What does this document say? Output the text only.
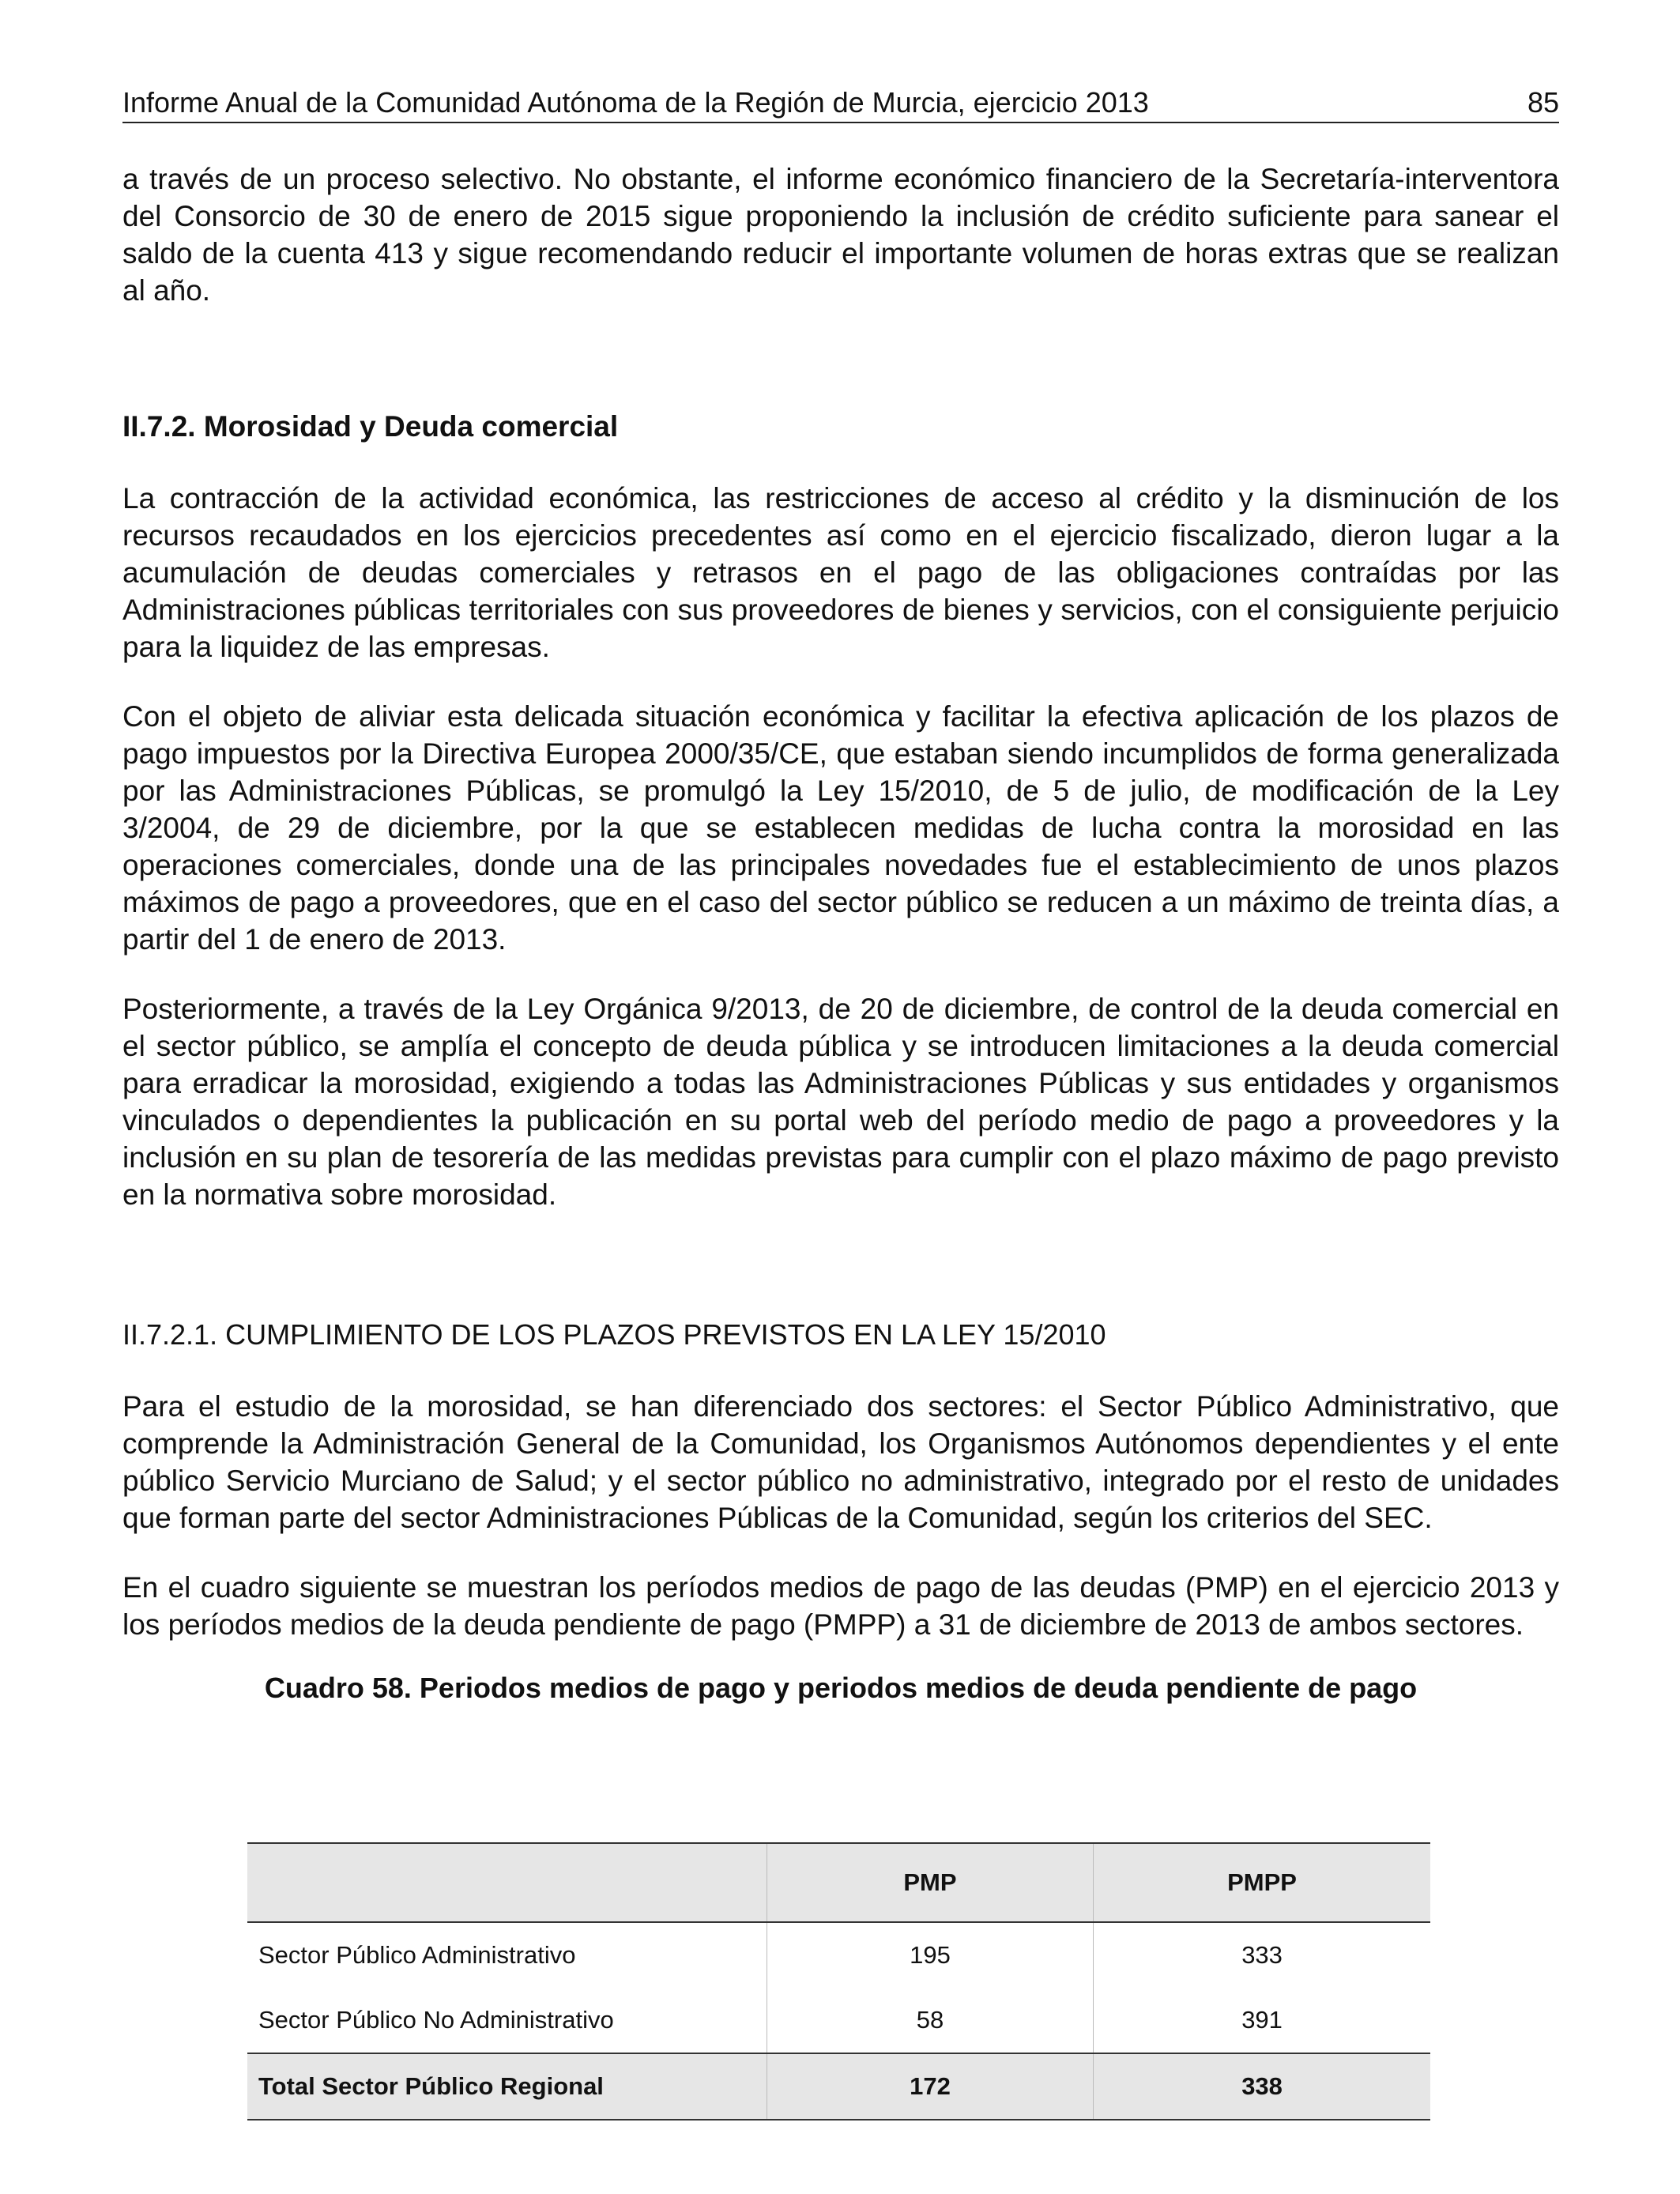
Informe Anual de la Comunidad Autónoma de la Región de Murcia, ejercicio 2013	85

a través de un proceso selectivo. No obstante, el informe económico financiero de la Secretaría-interventora del Consorcio de 30 de enero de 2015 sigue proponiendo la inclusión de crédito suficiente para sanear el saldo de la cuenta 413 y sigue recomendando reducir el importante volumen de horas extras que se realizan al año.

II.7.2. Morosidad y Deuda comercial

La contracción de la actividad económica, las restricciones de acceso al crédito y la disminución de los recursos recaudados en los ejercicios precedentes así como en el ejercicio fiscalizado, dieron lugar a la acumulación de deudas comerciales y retrasos en el pago de las obligaciones contraídas por las Administraciones públicas territoriales con sus proveedores de bienes y servicios, con el consiguiente perjuicio para la liquidez de las empresas.

Con el objeto de aliviar esta delicada situación económica y facilitar la efectiva aplicación de los plazos de pago impuestos por la Directiva Europea 2000/35/CE, que estaban siendo incumplidos de forma generalizada por las Administraciones Públicas, se promulgó la Ley 15/2010, de 5 de julio, de modificación de la Ley 3/2004, de 29 de diciembre, por la que se establecen medidas de lucha contra la morosidad en las operaciones comerciales, donde una de las principales novedades fue el establecimiento de unos plazos máximos de pago a proveedores, que en el caso del sector público se reducen a un máximo de treinta días, a partir del 1 de enero de 2013.

Posteriormente, a través de la Ley Orgánica 9/2013, de 20 de diciembre, de control de la deuda comercial en el sector público, se amplía el concepto de deuda pública y se introducen limitaciones a la deuda comercial para erradicar la morosidad, exigiendo a todas las Administraciones Públicas y sus entidades y organismos vinculados o dependientes la publicación en su portal web del período medio de pago a proveedores y la inclusión en su plan de tesorería de las medidas previstas para cumplir con el plazo máximo de pago previsto en la normativa sobre morosidad.

II.7.2.1. CUMPLIMIENTO DE LOS PLAZOS PREVISTOS EN LA LEY 15/2010

Para el estudio de la morosidad, se han diferenciado dos sectores: el Sector Público Administrativo, que comprende la Administración General de la Comunidad, los Organismos Autónomos dependientes y el ente público Servicio Murciano de Salud; y el sector público no administrativo, integrado por el resto de unidades que forman parte del sector Administraciones Públicas de la Comunidad, según los criterios del SEC.

En el cuadro siguiente se muestran los períodos medios de pago de las deudas (PMP) en el ejercicio 2013 y los períodos medios de la deuda pendiente de pago (PMPP) a 31 de diciembre de 2013 de ambos sectores.

Cuadro 58. Periodos medios de pago y periodos medios de deuda pendiente de pago

	PMP	PMPP
Sector Público Administrativo	195	333
Sector Público No Administrativo	58	391
Total Sector Público Regional	172	338
